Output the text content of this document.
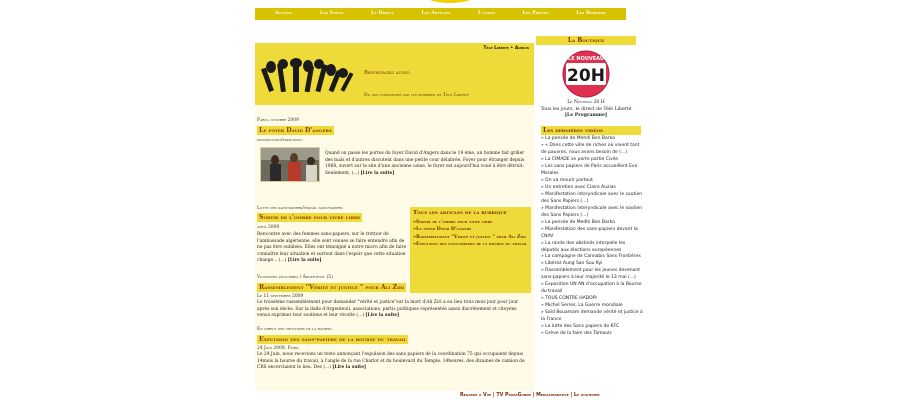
Accueil	Les Voeux	Le Direct	Les Articles	L'audio	Les Photos	Les Dossiers
Tele Liberte • Audios
Reportages audio
Du son enregistré par les membres de Télé Liberté
Paris, octobre 2009
Le foyer David D'angers
destruction/expulsion.
Quand on passe les portes du foyer David d'Angers dans le 19 ème, un homme fait griller des maïs et d'autres discutent dans une petite cour délabrée. Foyer pour étranger depuis 1968, suvert sur le site d'une ancienne usine, le foyer est aujourd'hui voué à être détruit. Seulement, (...) [Lire la suite]
Lutte des sans-papiers/travail sans-papiers
Sortir de l'ombre pour vivre libre
avril 2009
Rencontre avec des femmes sans-papiers, sur le trottoir de l'ambassade algérienne. elle sont venues se faire entendre afin de ne pas être oubliées. Elles ont témoigné a notre micro afin de faire connaître leur situation et surtout dans l'espoir que cette situation change... (...) [Lire la suite]
Violences policières / Argenteuil (5)
Rassemblement "Vérité et justice " pour Ali Ziri
Le 11 septembre 2009
Le troisième rassemblement pour demander "vérité et justice"sur la mort d'Ali Ziri a eu lieu trois mois jour pour jour après son décès. Sur la dalle d'Argenteuil, associations, partis politiques représentés assez discrètement et citoyens venus exprimer leur soutiens et leur révolte (...) [Lire la suite]
En direct des trottoirs de la bourse.
Expulsion des sans-papiers de la bourse du travail
24 Juin 2009, Paris.
Le 24 Juin, nous recevions un texto annonçant l'expulsion des sans papiers de la coordination 75 qui occupaient depuis 14mois la bourse du travail, à l'angle de la rue Charlot et du boulevard du Temple. 14heures, des dizaines de camion de CRS encerclaient le lieu. Des (...) [Lire la suite]
Tous les articles de la rubrique
»Sortir de l'ombre pour vivre libre
»Le foyer David D'angers
»Rassemblement "Vérité et justice " pour Ali Ziri
»Expulsion des sans-papiers de la bourse du travail
La Boutique
LE NOUVEAU
20H
Le Nouveau 20 H
Tous les jours, le direct de Télé Liberté
[Le Programme]
Les dernières vidéos
» La pensée de Mehdi Ben Barka
» « Dans cette ville de riches où vivent tant de pauvres, nous avons besoin de (...)
» La CIMADE se porte partie Civile
» Les sans papiers de Paris accueillent Evo Morales
» On va mourir partout
» Un entretien avec Claire Auzias
» Manifestation interyndicale avec le soutien des Sans Papiers (...)
» Manifestation interyndicale avec le soutien des Sans Papiers (...)
» La pensée de Medhi Ben Barka
» Manifestation des sans-papiers devant la CNAV
» La ronde des obstinés interpelle les députés aux élections européennes
» La campagne de Cannabis Sans Frontières
» Libérez Aung San Suu Kyi
» Rassemblement pour les jeunes devenant sans-papiers à leur majorité le 13 mai (...)
» Exposition UN AN d'occupation à la Bourse du travail
» TOUS CONTRE HADOPI
» Michel Serres, La Guerre mondiale
» Saïd Bouamam demande vérité et justice à la France
» La lutte des Sans papiers de KFC
» Grève de la faim des Tamouls
Regarde à Vue | TV PropaGande | Médialternative | Le quotidien
